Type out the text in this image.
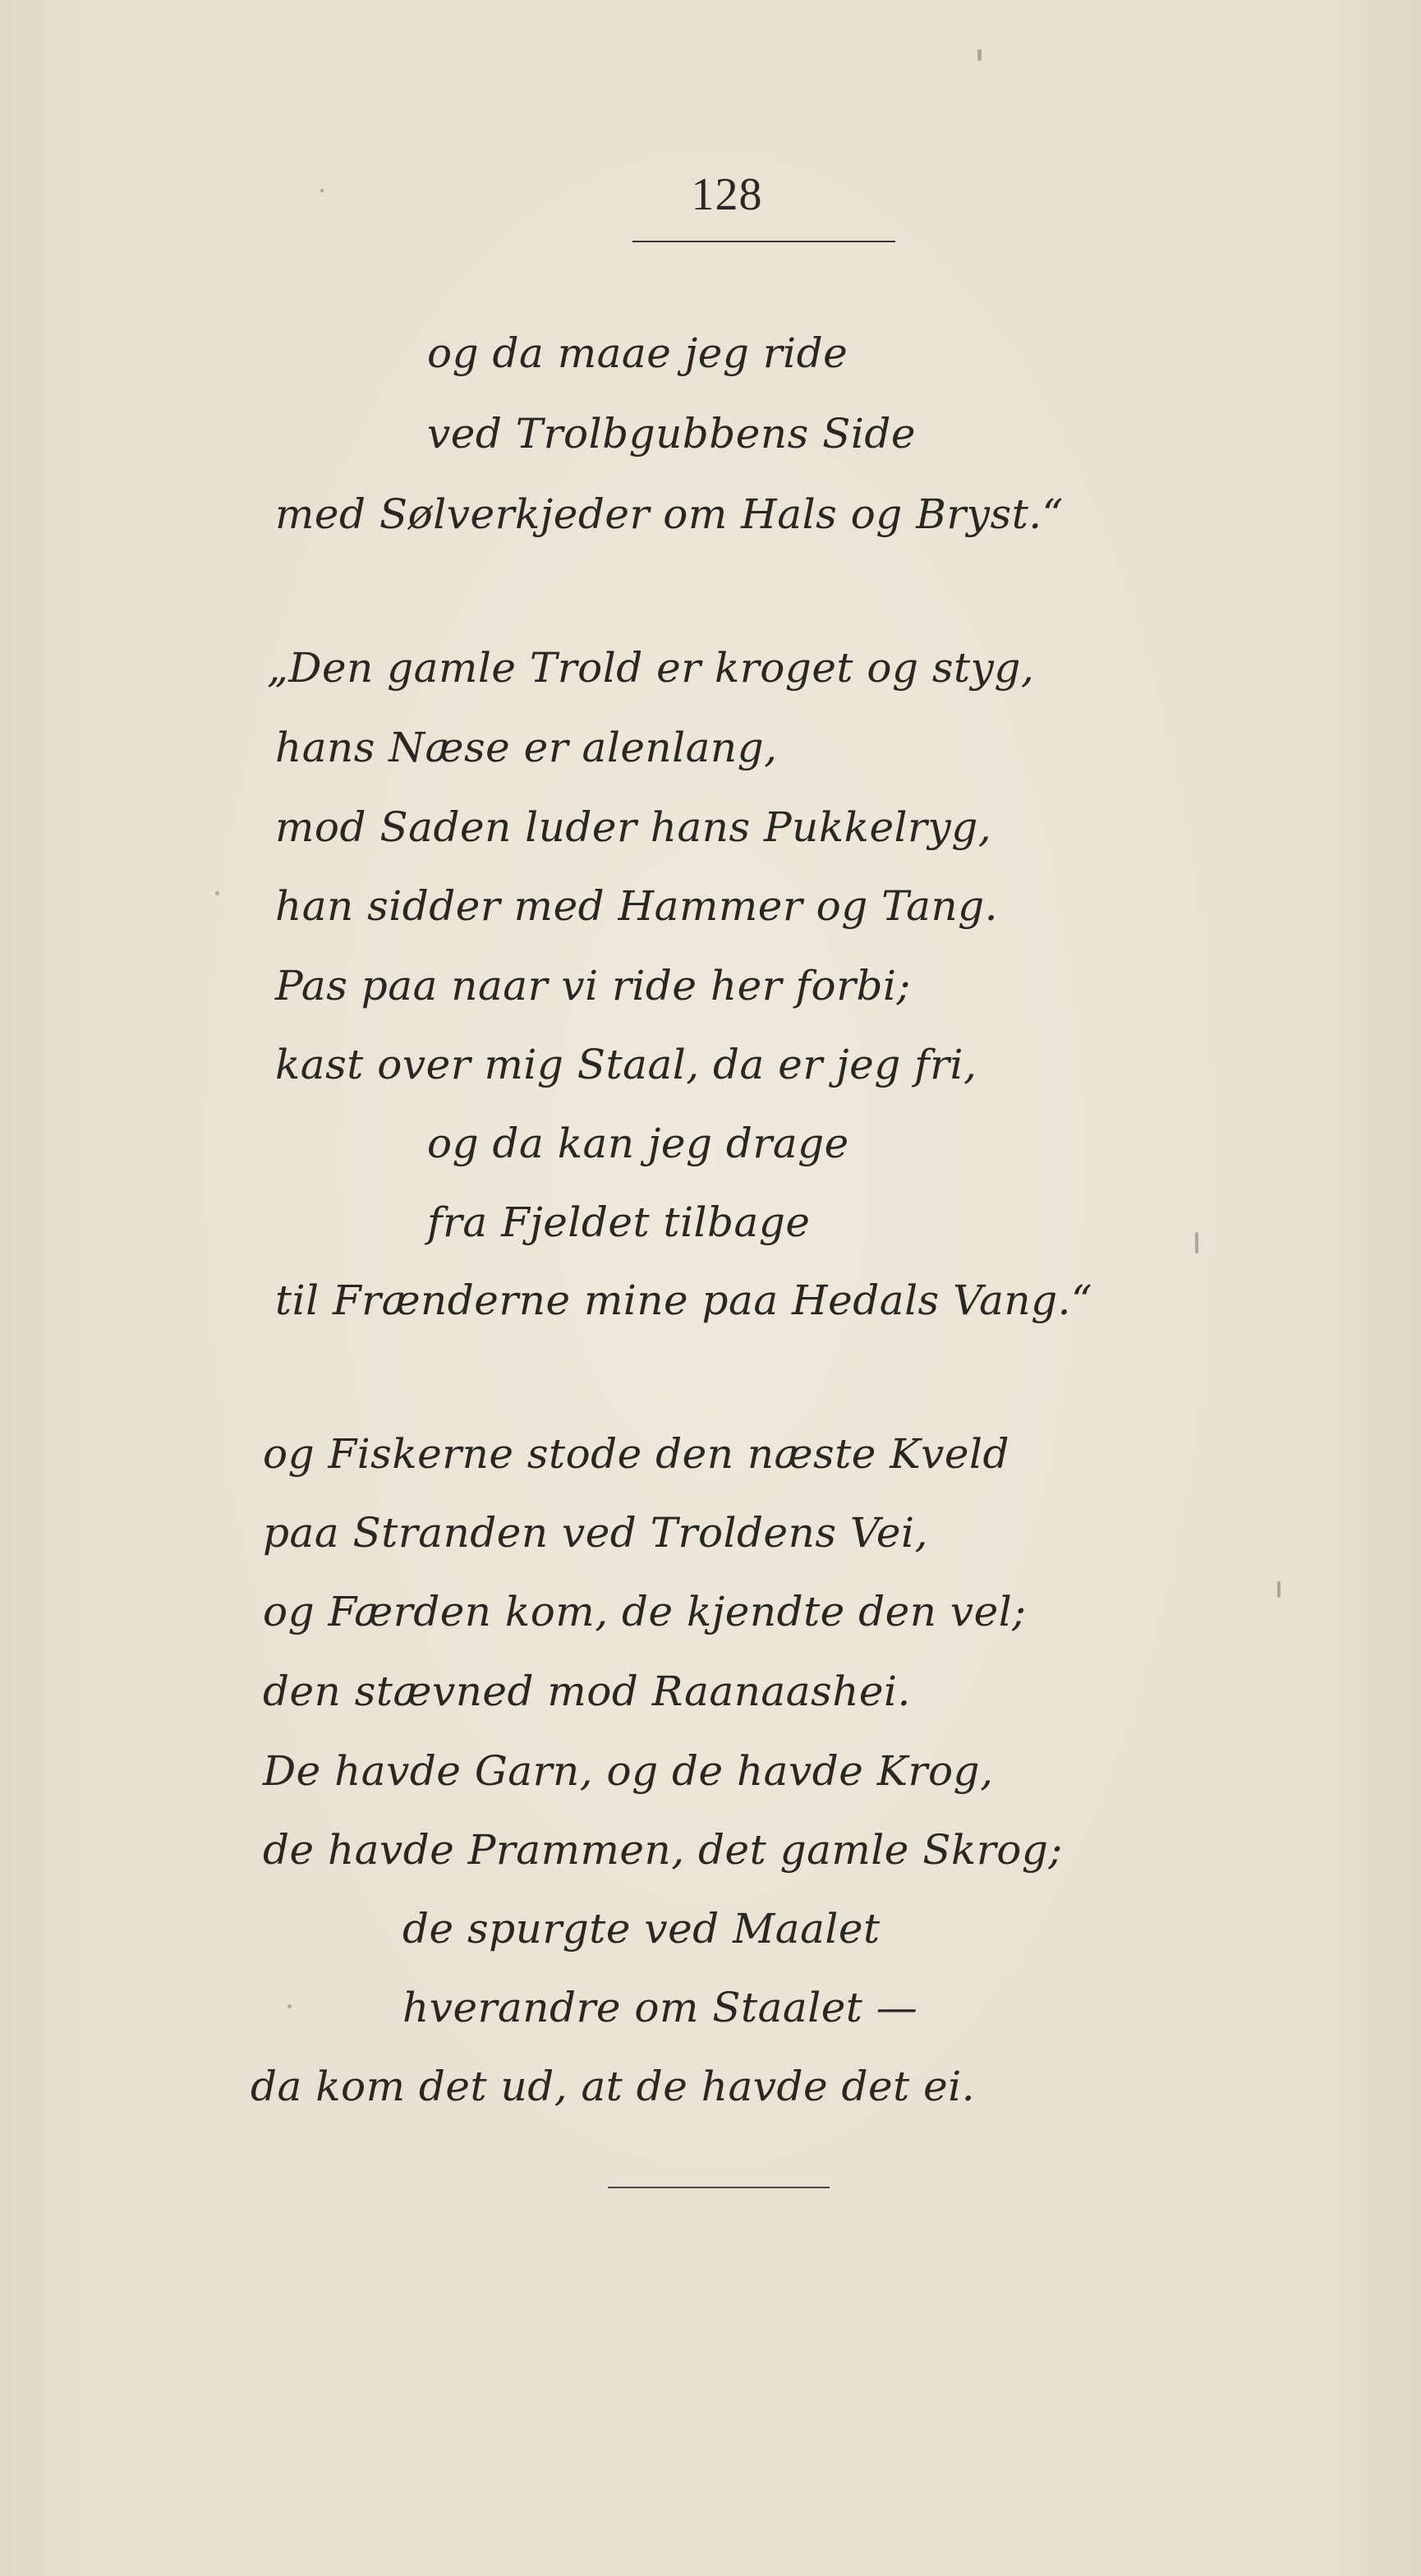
128
og da maae jeg ride
ved Trolbgubbens Side
med Sølverkjeder om Hals og Bryst.“
„Den gamle Trold er kroget og styg,
hans Næse er alenlang,
mod Saden luder hans Pukkelryg,
han sidder med Hammer og Tang.
Pas paa naar vi ride her forbi;
kast over mig Staal, da er jeg fri,
og da kan jeg drage
fra Fjeldet tilbage
til Frænderne mine paa Hedals Vang.“
og Fiskerne stode den næste Kveld
paa Stranden ved Troldens Vei,
og Færden kom, de kjendte den vel;
den stævned mod Raanaashei.
De havde Garn, og de havde Krog,
de havde Prammen, det gamle Skrog;
de spurgte ved Maalet
hverandre om Staalet —
da kom det ud, at de havde det ei.
